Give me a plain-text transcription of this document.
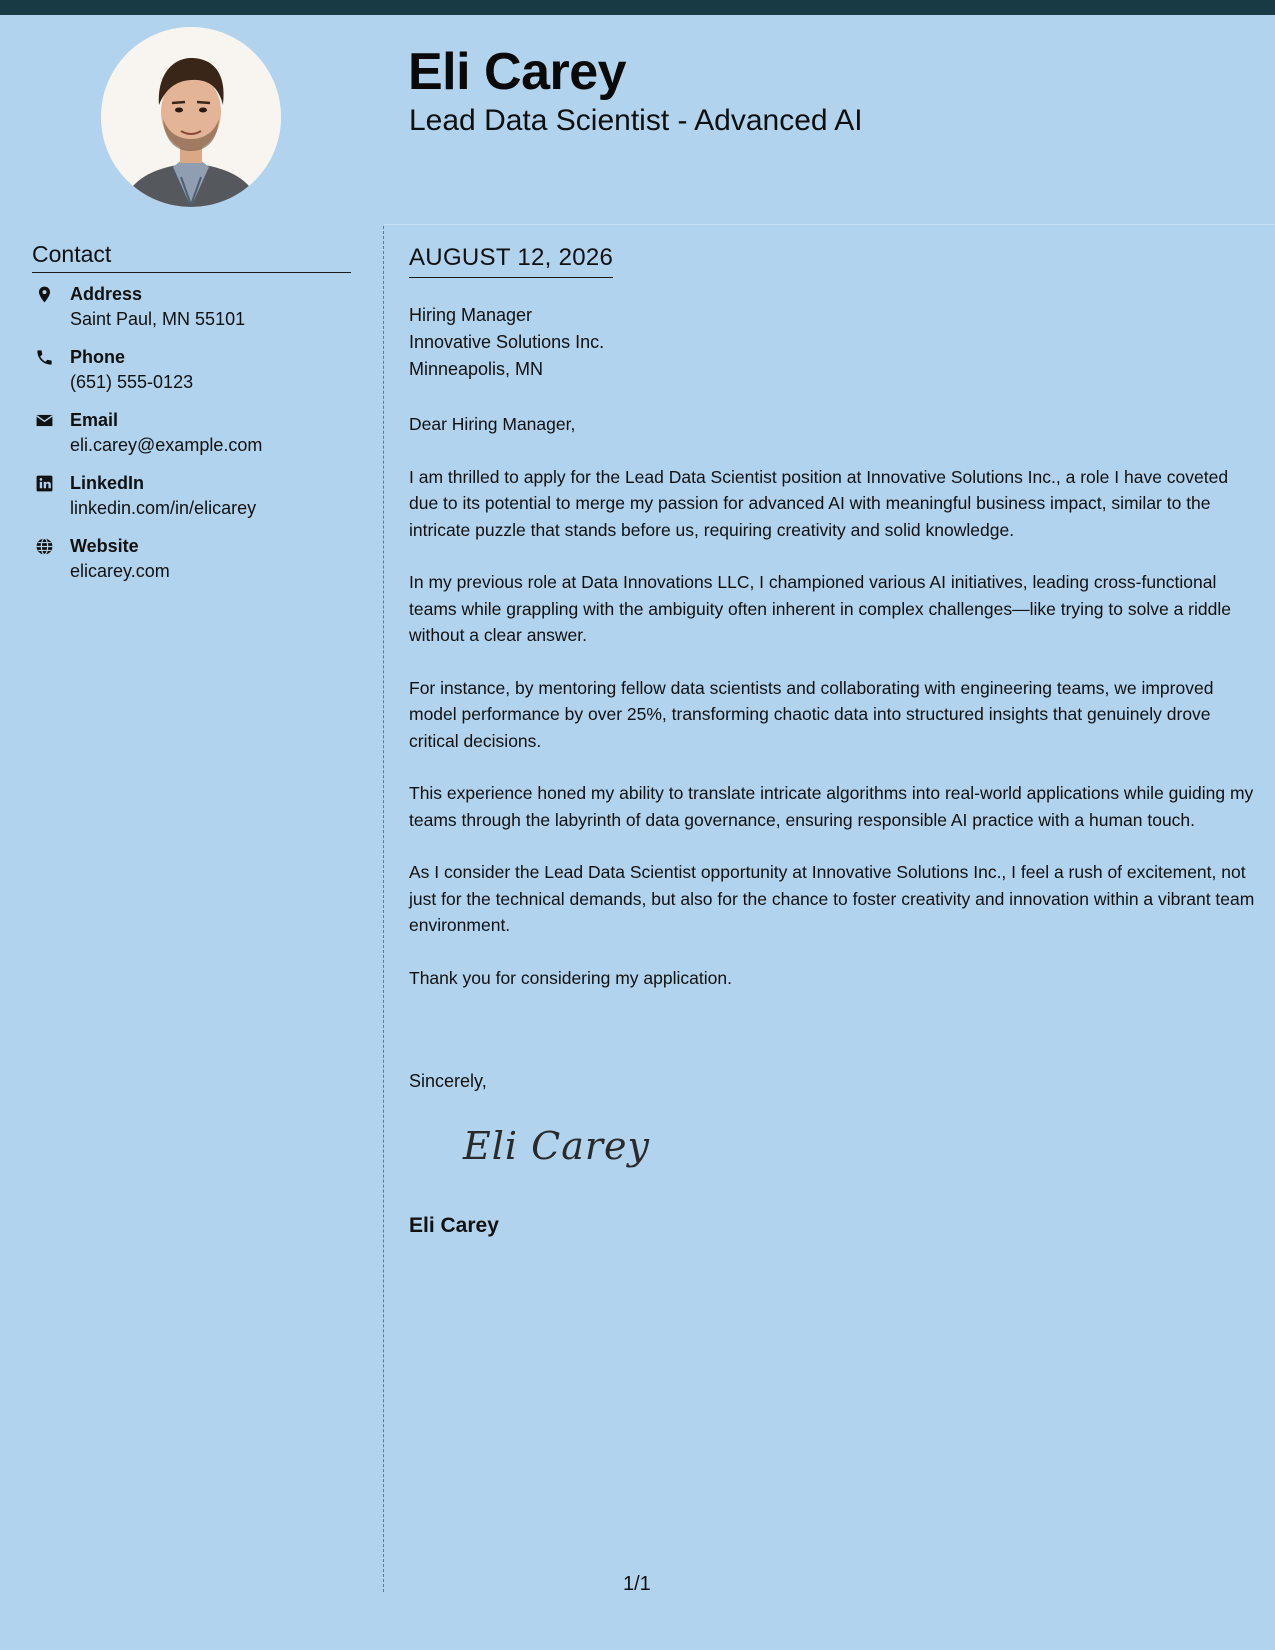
Eli Carey
Lead Data Scientist - Advanced AI
Contact
Address
Saint Paul, MN 55101
Phone
(651) 555-0123
Email
eli.carey@example.com
LinkedIn
linkedin.com/in/elicarey
Website
elicarey.com
AUGUST 12, 2026
Hiring Manager
Innovative Solutions Inc.
Minneapolis, MN

Dear Hiring Manager,

I am thrilled to apply for the Lead Data Scientist position at Innovative Solutions Inc., a role I have coveted due to its potential to merge my passion for advanced AI with meaningful business impact, similar to the intricate puzzle that stands before us, requiring creativity and solid knowledge.

In my previous role at Data Innovations LLC, I championed various AI initiatives, leading cross-functional teams while grappling with the ambiguity often inherent in complex challenges—like trying to solve a riddle without a clear answer.

For instance, by mentoring fellow data scientists and collaborating with engineering teams, we improved model performance by over 25%, transforming chaotic data into structured insights that genuinely drove critical decisions.

This experience honed my ability to translate intricate algorithms into real-world applications while guiding my teams through the labyrinth of data governance, ensuring responsible AI practice with a human touch.

As I consider the Lead Data Scientist opportunity at Innovative Solutions Inc., I feel a rush of excitement, not just for the technical demands, but also for the chance to foster creativity and innovation within a vibrant team environment.

Thank you for considering my application.

Sincerely,
Eli Carey
Eli Carey
1/1
